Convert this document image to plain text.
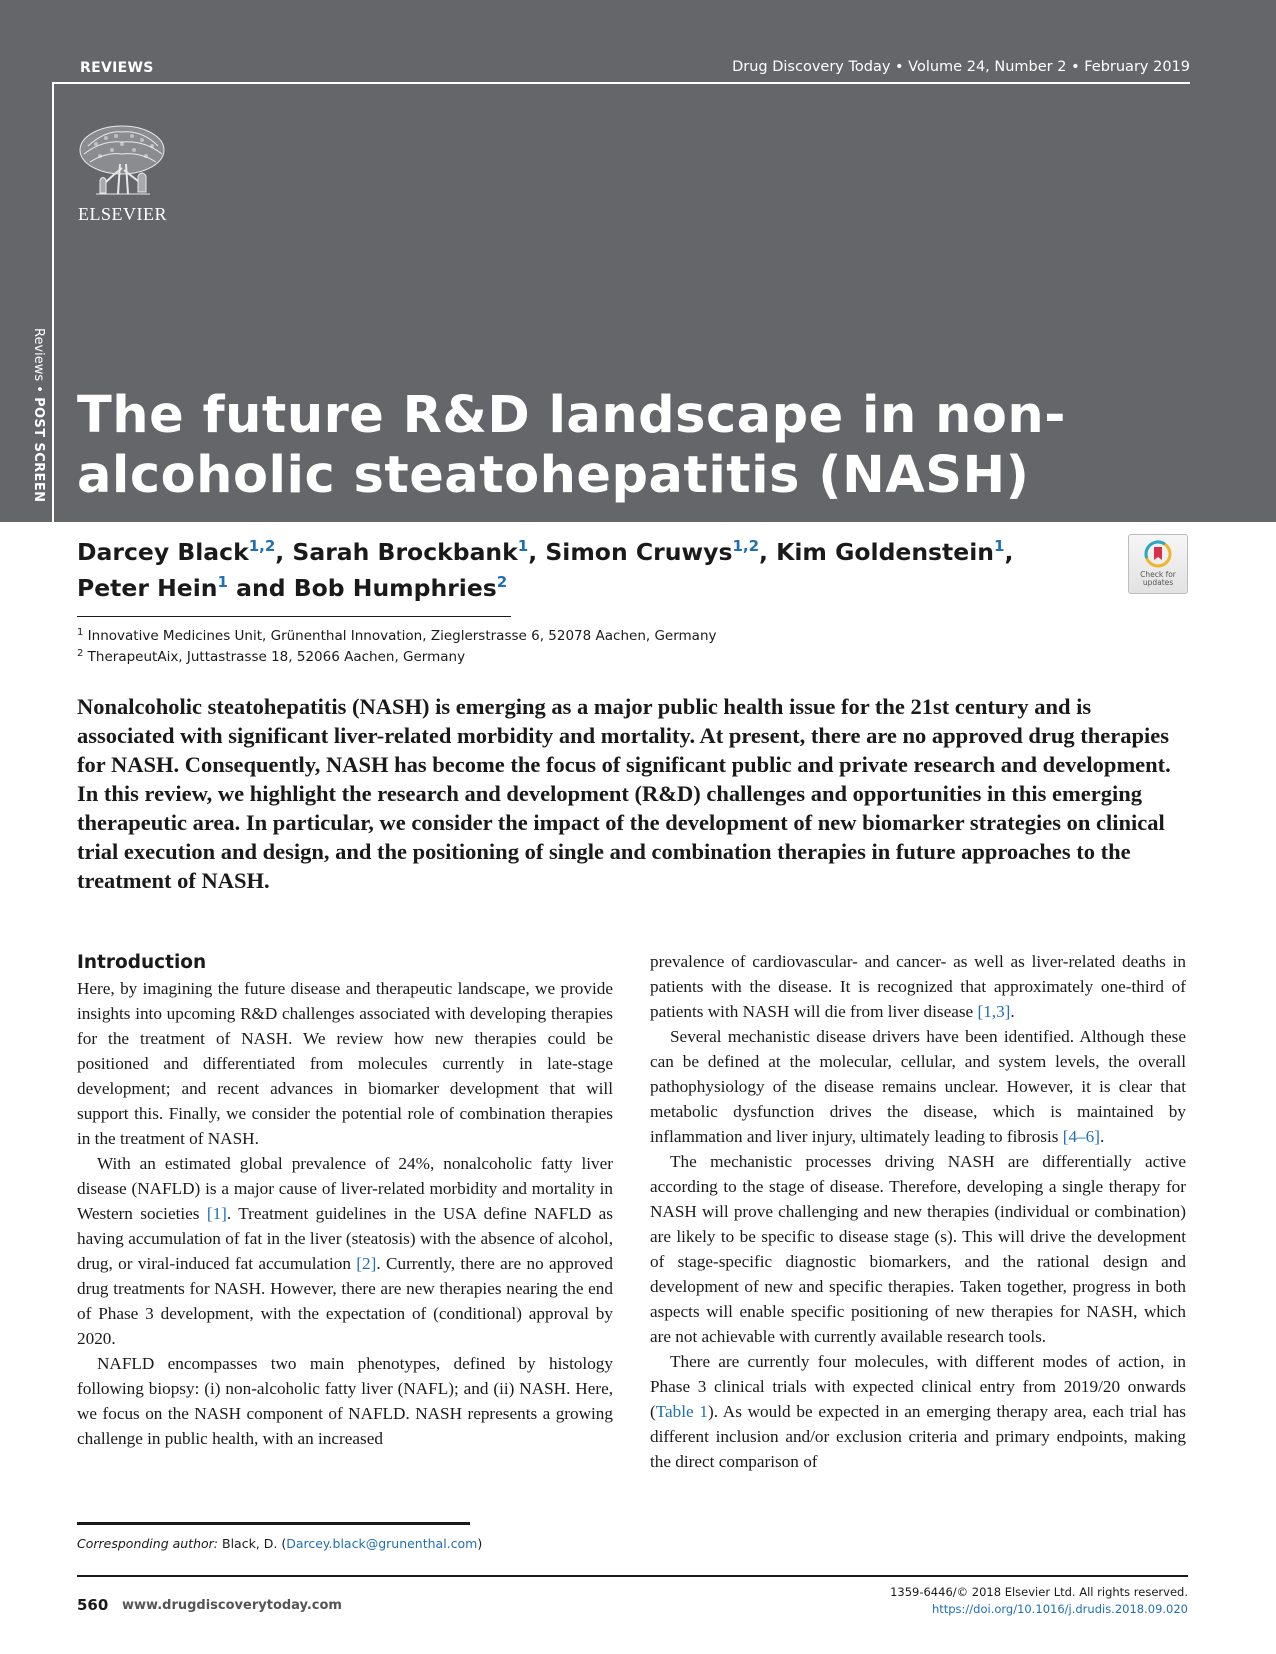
REVIEWS	Drug Discovery Today • Volume 24, Number 2 • February 2019
ELSEVIER
Reviews • POST SCREEN The future R&D landscape in non-
alcoholic steatohepatitis (NASH)

Darcey Black$^{1,2}$, Sarah Brockbank$^1$, Simon Cruwys$^{1,2}$, Kim Goldenstein$^1$,
Peter Hein$^1$ and Bob Humphries$^2$	Check for updates

$^1$ Innovative Medicines Unit, Grünenthal Innovation, Zieglerstrasse 6, 52078 Aachen, Germany
$^2$ TherapeutAix, Juttastrasse 18, 52066 Aachen, Germany

Nonalcoholic steatohepatitis (NASH) is emerging as a major public health issue for the 21st century and is associated with significant liver-related morbidity and mortality. At present, there are no approved drug therapies for NASH. Consequently, NASH has become the focus of significant public and private research and development. In this review, we highlight the research and development (R&D) challenges and opportunities in this emerging therapeutic area. In particular, we consider the impact of the development of new biomarker strategies on clinical trial execution and design, and the positioning of single and combination therapies in future approaches to the treatment of NASH.

Introduction

Here, by imagining the future disease and therapeutic landscape, we provide insights into upcoming R&D challenges associated with developing therapies for the treatment of NASH. We review how new therapies could be positioned and differentiated from molecules currently in late-stage development; and recent advances in biomarker development that will support this. Finally, we consider the potential role of combination therapies in the treatment of NASH.

With an estimated global prevalence of 24%, nonalcoholic fatty liver disease (NAFLD) is a major cause of liver-related morbidity and mortality in Western societies [1]. Treatment guidelines in the USA define NAFLD as having accumulation of fat in the liver (steatosis) with the absence of alcohol, drug, or viral-induced fat accumulation [2]. Currently, there are no approved drug treatments for NASH. However, there are new therapies nearing the end of Phase 3 development, with the expectation of (conditional) approval by 2020.

NAFLD encompasses two main phenotypes, defined by histology following biopsy: (i) non-alcoholic fatty liver (NAFL); and (ii) NASH. Here, we focus on the NASH component of NAFLD. NASH represents a growing challenge in public health, with an increased

prevalence of cardiovascular- and cancer- as well as liver-related deaths in patients with the disease. It is recognized that approximately one-third of patients with NASH will die from liver disease [1,3].

Several mechanistic disease drivers have been identified. Although these can be defined at the molecular, cellular, and system levels, the overall pathophysiology of the disease remains unclear. However, it is clear that metabolic dysfunction drives the disease, which is maintained by inflammation and liver injury, ultimately leading to fibrosis [4–6].

The mechanistic processes driving NASH are differentially active according to the stage of disease. Therefore, developing a single therapy for NASH will prove challenging and new therapies (individual or combination) are likely to be specific to disease stage (s). This will drive the development of stage-specific diagnostic biomarkers, and the rational design and development of new and specific therapies. Taken together, progress in both aspects will enable specific positioning of new therapies for NASH, which are not achievable with currently available research tools.

There are currently four molecules, with different modes of action, in Phase 3 clinical trials with expected clinical entry from 2019/20 onwards (Table 1). As would be expected in an emerging therapy area, each trial has different inclusion and/or exclusion criteria and primary endpoints, making the direct comparison of

Corresponding author: Black, D. (Darcey.black@grunenthal.com)
560 www.drugdiscoverytoday.com
1359-6446/© 2018 Elsevier Ltd. All rights reserved.
https://doi.org/10.1016/j.drudis.2018.09.020
